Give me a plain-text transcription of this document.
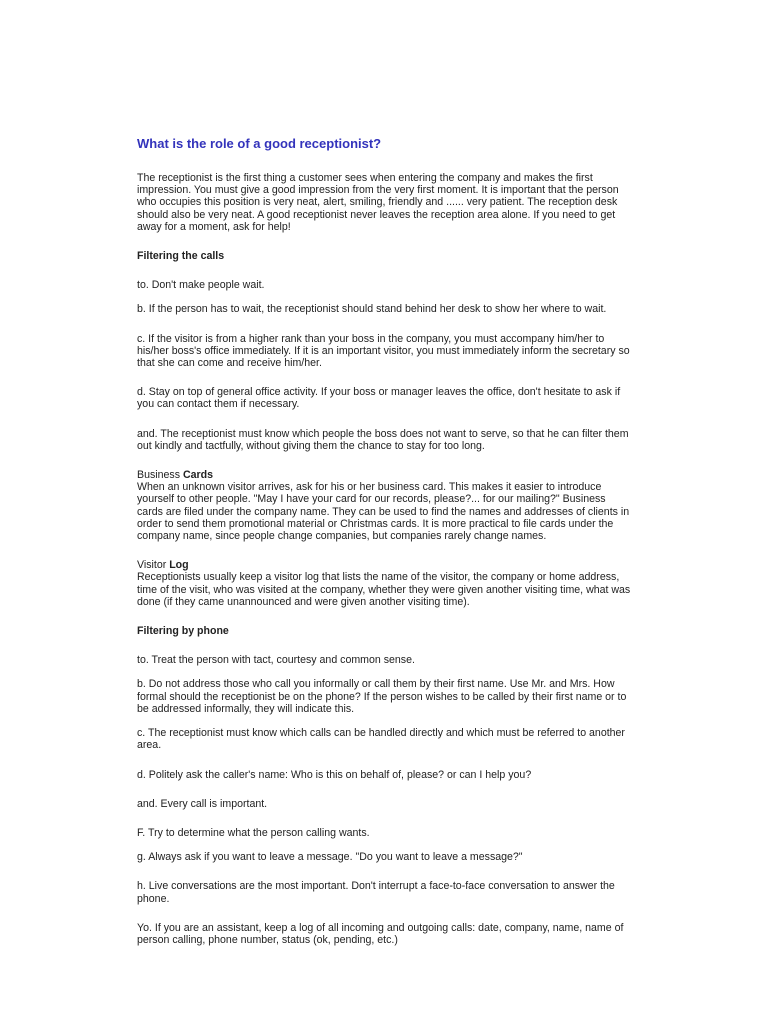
What is the role of a good receptionist?

The receptionist is the first thing a customer sees when entering the company and makes the first impression. You must give a good impression from the very first moment. It is important that the person who occupies this position is very neat, alert, smiling, friendly and ...... very patient. The reception desk should also be very neat. A good receptionist never leaves the reception area alone. If you need to get away for a moment, ask for help!

Filtering the calls

to. Don't make people wait.

b. If the person has to wait, the receptionist should stand behind her desk to show her where to wait.

c. If the visitor is from a higher rank than your boss in the company, you must accompany him/her to his/her boss's office immediately. If it is an important visitor, you must immediately inform the secretary so that she can come and receive him/her.

d. Stay on top of general office activity. If your boss or manager leaves the office, don't hesitate to ask if you can contact them if necessary.

and. The receptionist must know which people the boss does not want to serve, so that he can filter them out kindly and tactfully, without giving them the chance to stay for too long.

Business Cards

When an unknown visitor arrives, ask for his or her business card. This makes it easier to introduce yourself to other people. "May I have your card for our records, please?... for our mailing?" Business cards are filed under the company name. They can be used to find the names and addresses of clients in order to send them promotional material or Christmas cards. It is more practical to file cards under the company name, since people change companies, but companies rarely change names.

Visitor Log

Receptionists usually keep a visitor log that lists the name of the visitor, the company or home address, time of the visit, who was visited at the company, whether they were given another visiting time, what was done (if they came unannounced and were given another visiting time).

Filtering by phone

to. Treat the person with tact, courtesy and common sense.

b. Do not address those who call you informally or call them by their first name. Use Mr. and Mrs. How formal should the receptionist be on the phone? If the person wishes to be called by their first name or to be addressed informally, they will indicate this.

c. The receptionist must know which calls can be handled directly and which must be referred to another area.

d. Politely ask the caller's name: Who is this on behalf of, please? or can I help you?

and. Every call is important.

F. Try to determine what the person calling wants.

g. Always ask if you want to leave a message. "Do you want to leave a message?"

h. Live conversations are the most important. Don't interrupt a face-to-face conversation to answer the phone.

Yo. If you are an assistant, keep a log of all incoming and outgoing calls: date, company, name, name of person calling, phone number, status (ok, pending, etc.)
